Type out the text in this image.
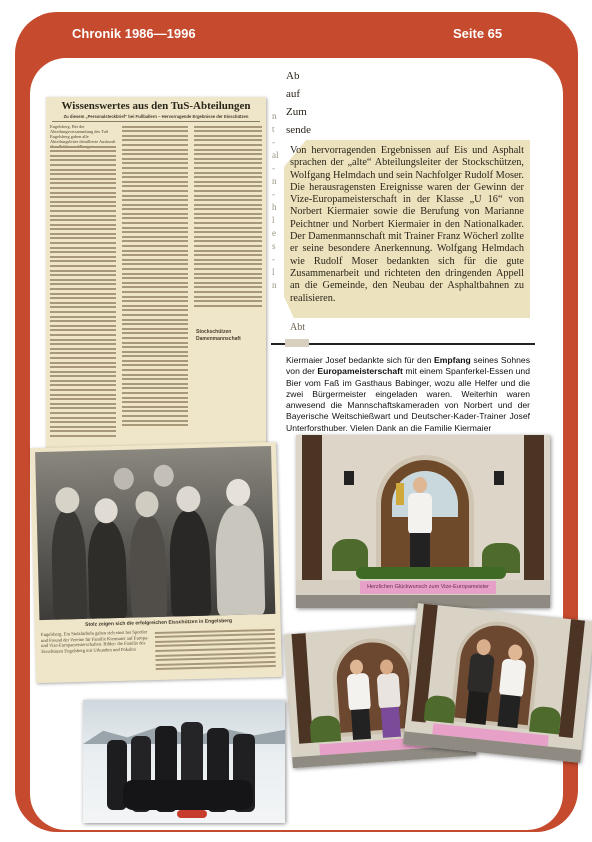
Chronik 1986—1996	Seite 65
Wissenswertes aus den TuS-Abteilungen
Zu diesem „Personalsteckbrief“ bei Fußballern – Hervorragende Ergebnisse der Eisschützen
Engelsberg. Bei der Abteilungsversammlung des TuS Engelsberg gaben alle Abteilungsleiter detaillierte Auskunft
Stockschützen
Damenmannschaft
n
t
-
al
-
n
-
h
l
e
s
-
l
n
Ab
auf
Zum
sende
Von hervorragenden Ergebnissen auf Eis und Asphalt sprachen der „alte“ Abteilungsleiter der Stockschützen, Wolfgang Helmdach und sein Nachfolger Rudolf Moser. Die herausragensten Ereignisse waren der Gewinn der Vize-Europameisterschaft in der Klasse „U 16“ von Norbert Kiermaier sowie die Berufung von Marianne Peichtner und Norbert Kiermaier in den Nationalkader. Der Damenmannschaft mit Trainer Franz Wöcherl zollte er seine besondere Anerkennung. Wolfgang Helmdach wie Rudolf Moser bedankten sich für die gute Zusammenarbeit und richteten den dringenden Appell an die Gemeinde, den Neubau der Asphaltbahnen zu realisieren.
Abt
Kiermaier Josef bedankte sich für den Empfang seines Sohnes von der Europameisterschaft mit einem Spanferkel-Essen und Bier vom Faß im Gasthaus Babinger, wozu alle Helfer und die zwei Bürgermeister eingeladen waren. Weiterhin waren anwesend die Mannschaftskameraden von Norbert und der Bayerische Weitschießwart und Deutscher-Kader-Trainer Josef Unterforsthuber. Vielen Dank an die Familie Kiermaier
Stolz zeigen sich die erfolgreichen Eisschützen in Engelsberg
Engelsberg. Ein Stolzlächeln gaben sich einst bei Sportler und Freund der Vereine für Familie Kiermaier auf Europa- und Vize-Europameisterschaften. Bilder: die Familie des Eisschützen Engelsberg mit Urkunden und Pokalen
Herzlichen Glückwunsch zum Vize-Europameister
